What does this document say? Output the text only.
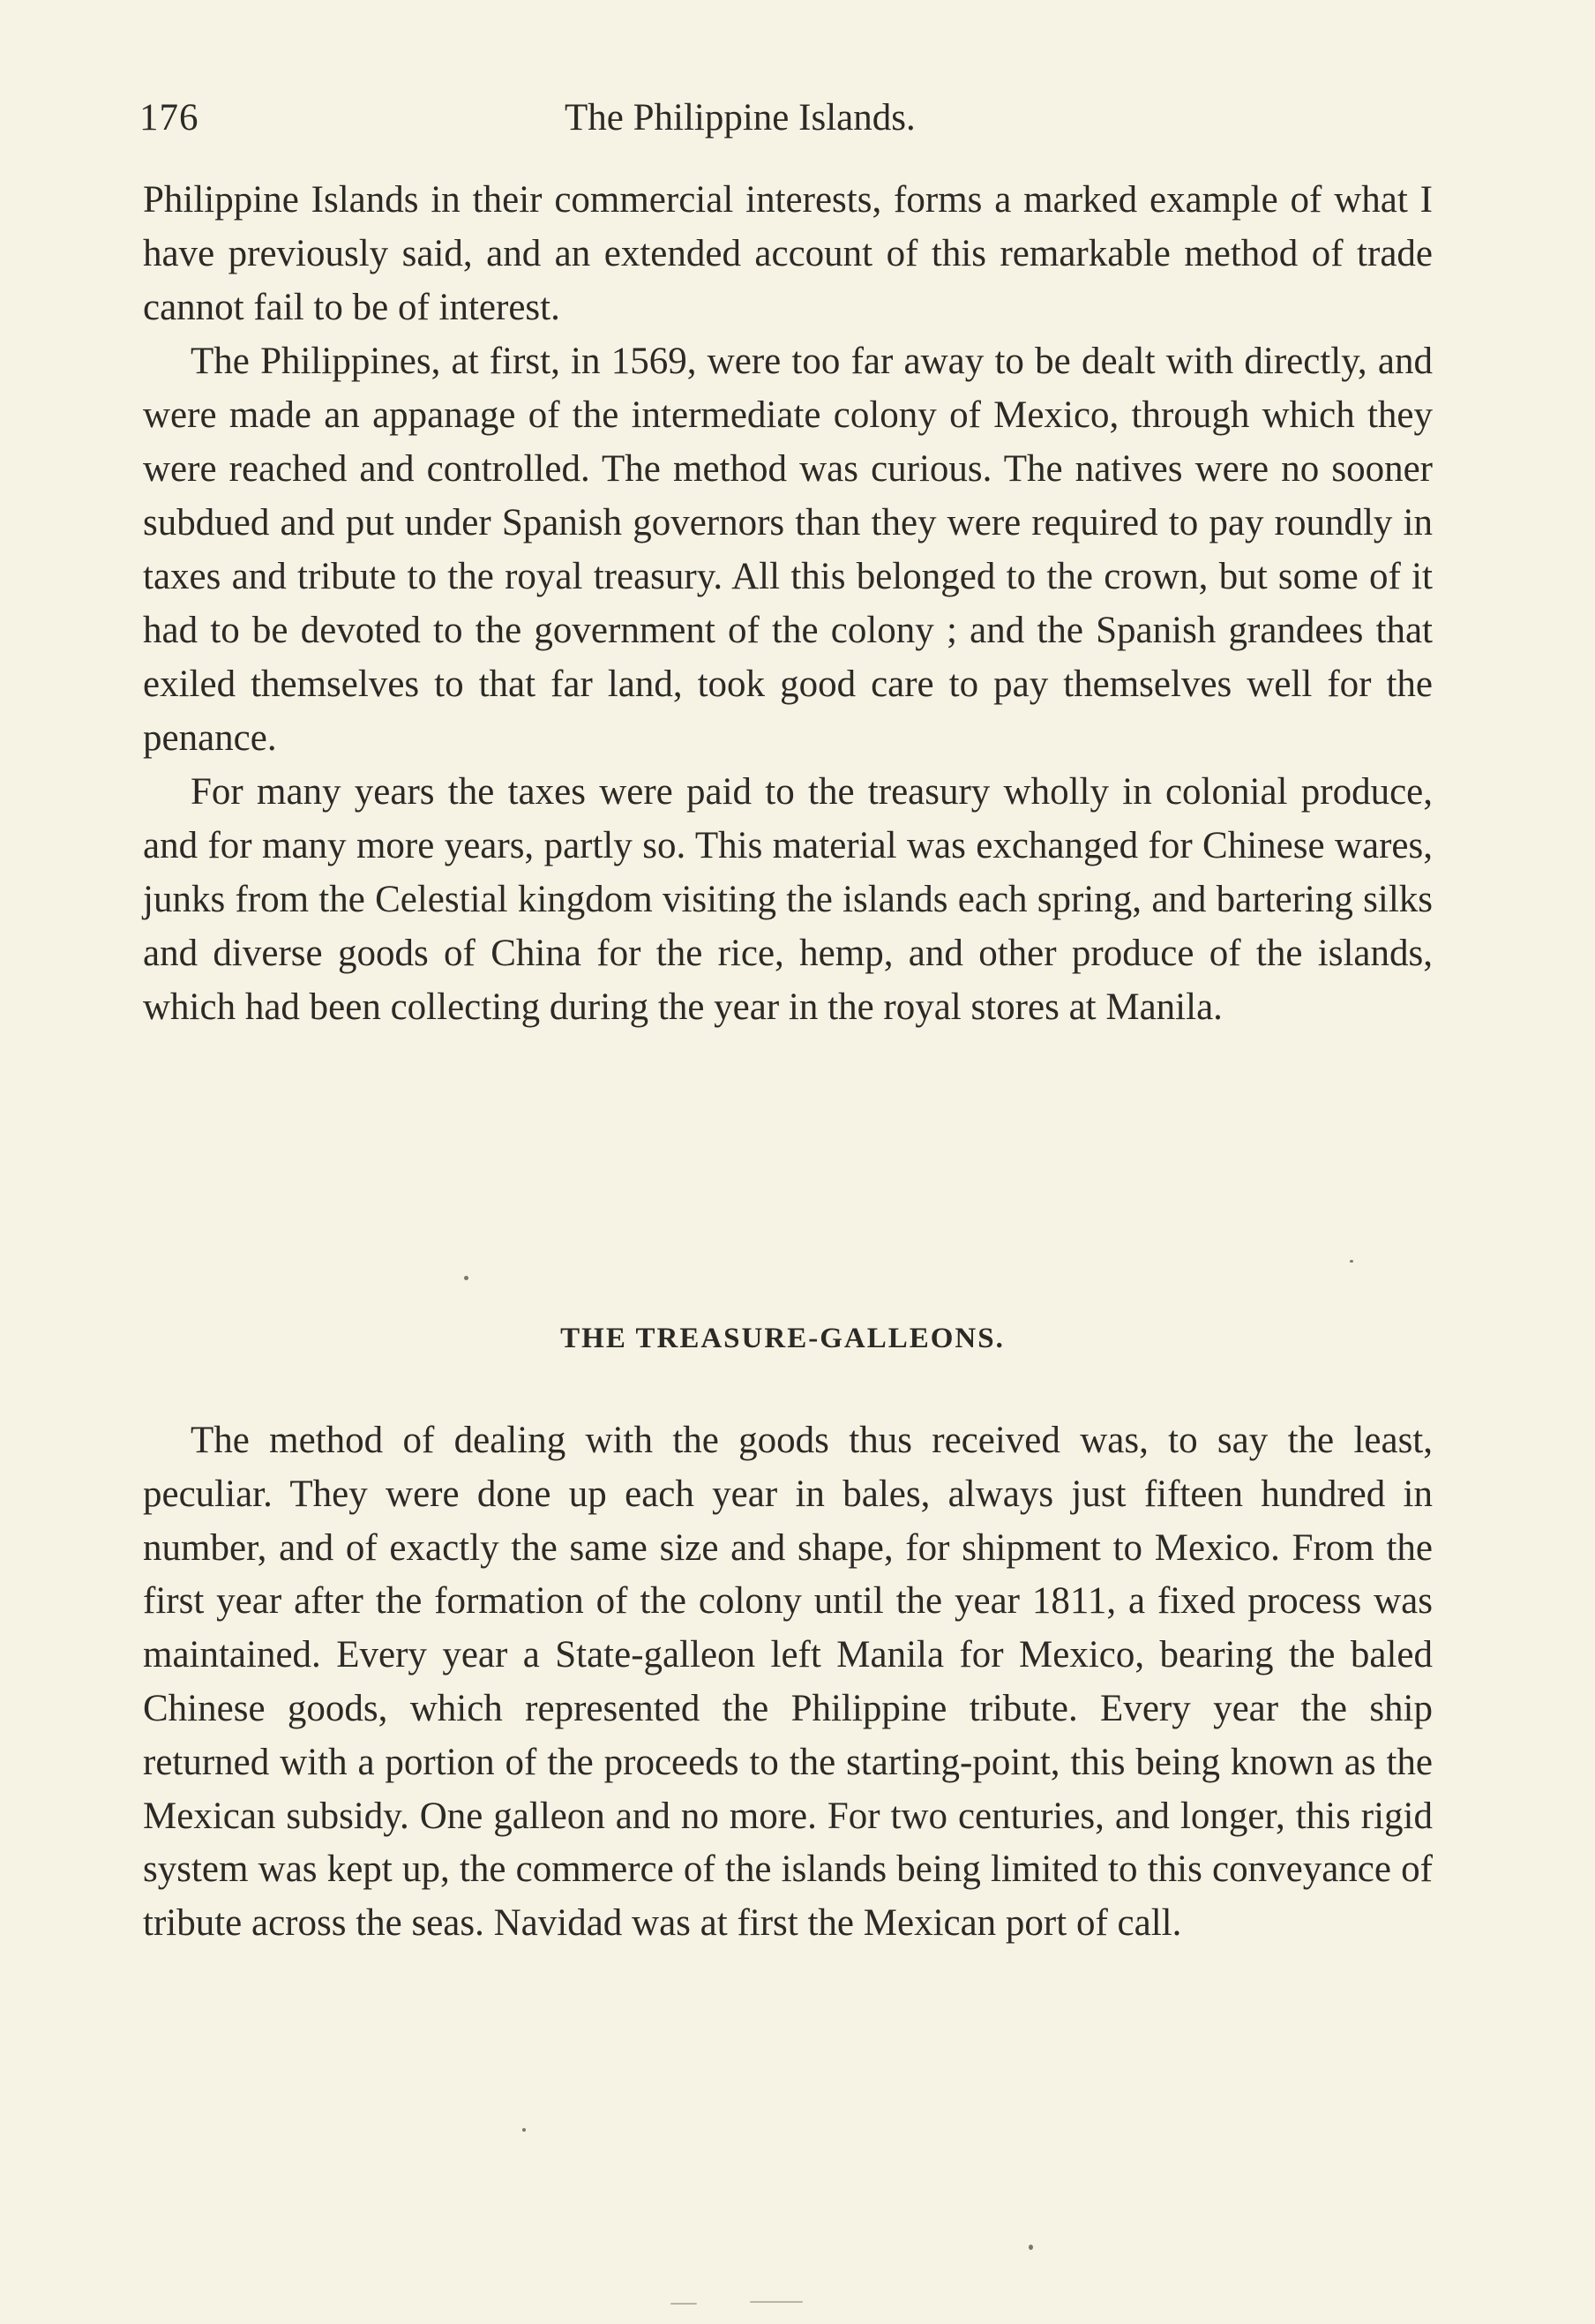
176	The Philippine Islands.

Philippine Islands in their commercial interests, forms a marked example of what I have previously said, and an extended account of this remarkable method of trade cannot fail to be of interest.

The Philippines, at first, in 1569, were too far away to be dealt with directly, and were made an appanage of the intermediate colony of Mexico, through which they were reached and controlled. The method was curious. The natives were no sooner subdued and put under Spanish governors than they were required to pay roundly in taxes and tribute to the royal treasury. All this belonged to the crown, but some of it had to be devoted to the government of the colony ; and the Spanish grandees that exiled themselves to that far land, took good care to pay themselves well for the penance.

For many years the taxes were paid to the treasury wholly in colonial produce, and for many more years, partly so. This material was exchanged for Chinese wares, junks from the Celestial kingdom visiting the islands each spring, and bartering silks and diverse goods of China for the rice, hemp, and other produce of the islands, which had been collecting during the year in the royal stores at Manila.

THE TREASURE-GALLEONS.

The method of dealing with the goods thus received was, to say the least, peculiar. They were done up each year in bales, always just fifteen hundred in number, and of exactly the same size and shape, for shipment to Mexico. From the first year after the formation of the colony until the year 1811, a fixed process was maintained. Every year a State-galleon left Manila for Mexico, bearing the baled Chinese goods, which represented the Philippine tribute. Every year the ship returned with a portion of the proceeds to the starting-point, this being known as the Mexican subsidy. One galleon and no more. For two centuries, and longer, this rigid system was kept up, the commerce of the islands being limited to this conveyance of tribute across the seas. Navidad was at first the Mexican port of call.
